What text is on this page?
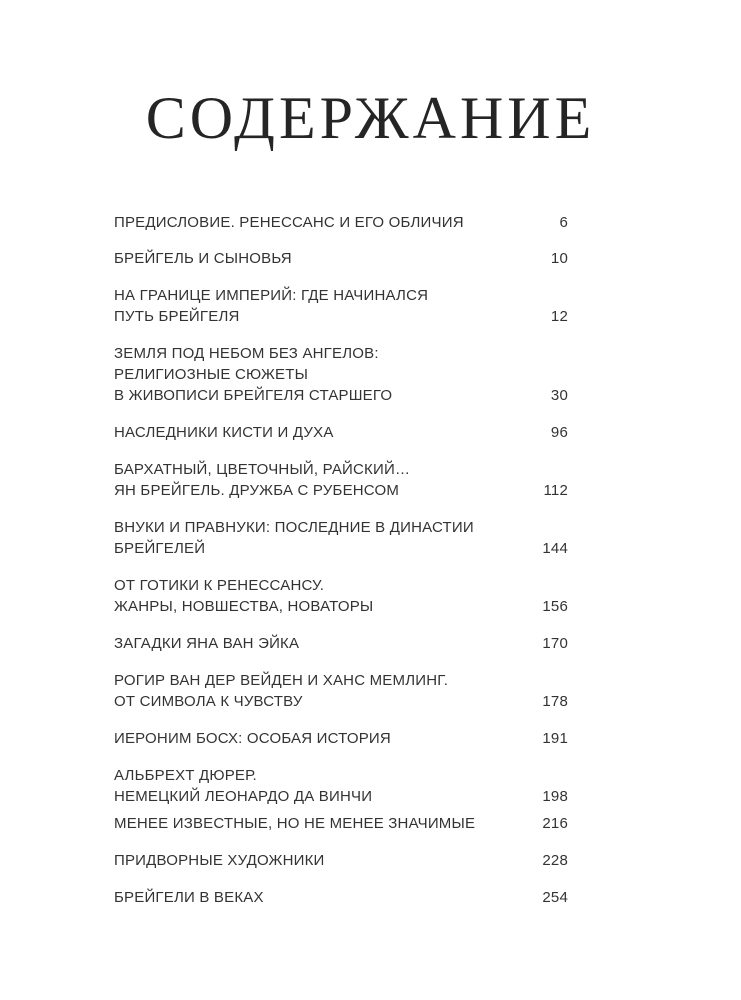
СОДЕРЖАНИЕ
ПРЕДИСЛОВИЕ. РЕНЕССАНС И ЕГО ОБЛИЧИЯ	6
БРЕЙГЕЛЬ И СЫНОВЬЯ	10
НА ГРАНИЦЕ ИМПЕРИЙ: ГДЕ НАЧИНАЛСЯ
ПУТЬ БРЕЙГЕЛЯ	12
ЗЕМЛЯ ПОД НЕБОМ БЕЗ АНГЕЛОВ:
РЕЛИГИОЗНЫЕ СЮЖЕТЫ
В ЖИВОПИСИ БРЕЙГЕЛЯ СТАРШЕГО	30
НАСЛЕДНИКИ КИСТИ И ДУХА	96
БАРХАТНЫЙ, ЦВЕТОЧНЫЙ, РАЙСКИЙ…
ЯН БРЕЙГЕЛЬ. ДРУЖБА С РУБЕНСОМ	112
ВНУКИ И ПРАВНУКИ: ПОСЛЕДНИЕ В ДИНАСТИИ
БРЕЙГЕЛЕЙ	144
ОТ ГОТИКИ К РЕНЕССАНСУ.
ЖАНРЫ, НОВШЕСТВА, НОВАТОРЫ	156
ЗАГАДКИ ЯНА ВАН ЭЙКА	170
РОГИР ВАН ДЕР ВЕЙДЕН И ХАНС МЕМЛИНГ.
ОТ СИМВОЛА К ЧУВСТВУ	178
ИЕРОНИМ БОСХ: ОСОБАЯ ИСТОРИЯ	191
АЛЬБРЕХТ ДЮРЕР.
НЕМЕЦКИЙ ЛЕОНАРДО ДА ВИНЧИ	198
МЕНЕЕ ИЗВЕСТНЫЕ, НО НЕ МЕНЕЕ ЗНАЧИМЫЕ	216
ПРИДВОРНЫЕ ХУДОЖНИКИ	228
БРЕЙГЕЛИ В ВЕКАХ	254
